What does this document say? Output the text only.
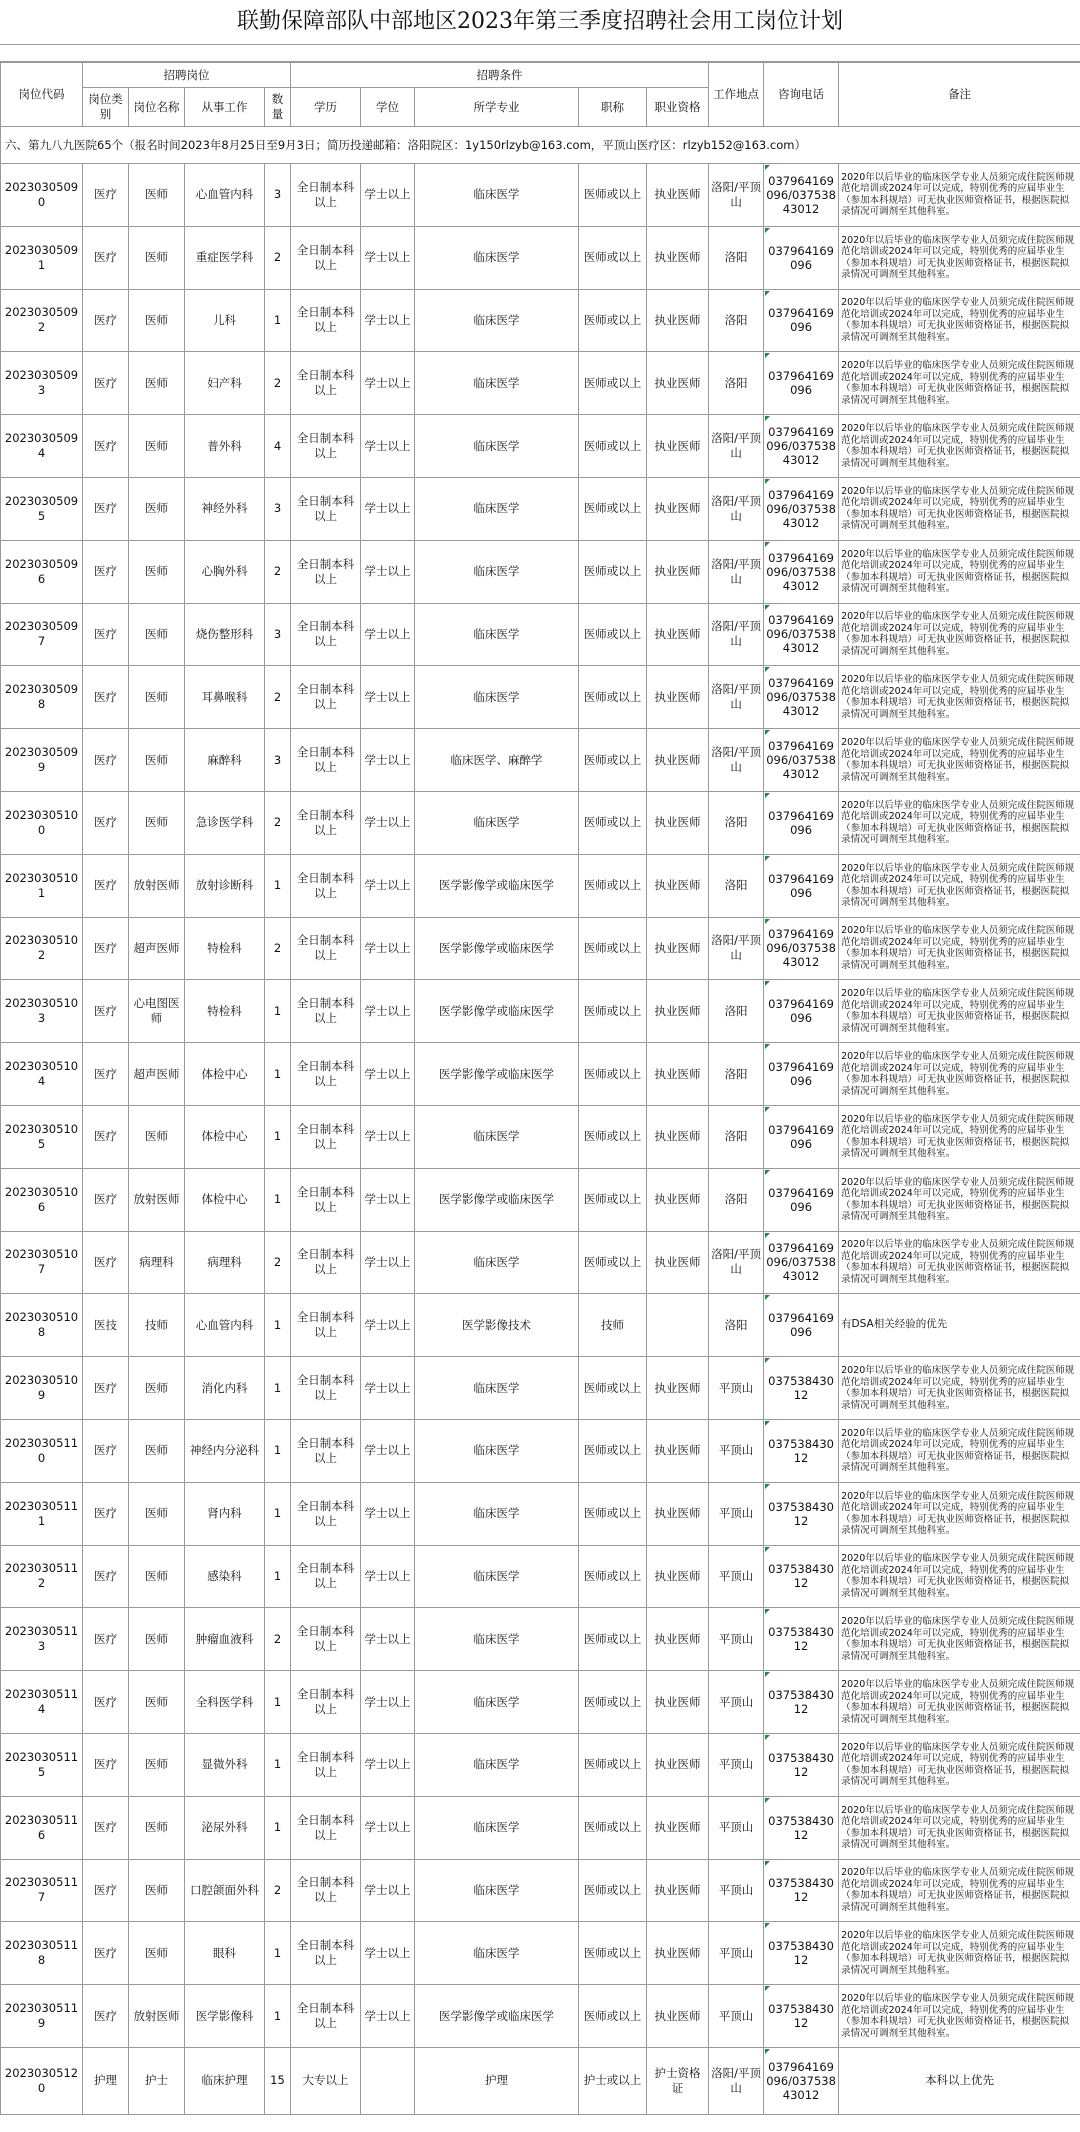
联勤保障部队中部地区2023年第三季度招聘社会用工岗位计划
岗位代码	招聘岗位				招聘条件					工作地点	咨询电话	备注
	岗位类别	岗位名称	从事工作	数量	学历	学位	所学专业	职称	职业资格			
六、第九八九医院65个（报名时间2023年8月25日至9月3日；简历投递邮箱：洛阳院区：1y150rlzyb@163.com，平顶山医疗区：rlzyb152@163.com）												
20230305090	医疗	医师	心血管内科	3	全日制本科以上	学士以上	临床医学	医师或以上	执业医师	洛阳/平顶山	037964169096/03753843012	2020年以后毕业的临床医学专业人员须完成住院医师规范化培训或2024年可以完成，特别优秀的应届毕业生（参加本科规培）可无执业医师资格证书，根据医院拟录情况可调剂至其他科室。
20230305091	医疗	医师	重症医学科	2	全日制本科以上	学士以上	临床医学	医师或以上	执业医师	洛阳	037964169096	2020年以后毕业的临床医学专业人员须完成住院医师规范化培训或2024年可以完成，特别优秀的应届毕业生（参加本科规培）可无执业医师资格证书，根据医院拟录情况可调剂至其他科室。
20230305092	医疗	医师	儿科	1	全日制本科以上	学士以上	临床医学	医师或以上	执业医师	洛阳	037964169096	2020年以后毕业的临床医学专业人员须完成住院医师规范化培训或2024年可以完成，特别优秀的应届毕业生（参加本科规培）可无执业医师资格证书，根据医院拟录情况可调剂至其他科室。
20230305093	医疗	医师	妇产科	2	全日制本科以上	学士以上	临床医学	医师或以上	执业医师	洛阳	037964169096	2020年以后毕业的临床医学专业人员须完成住院医师规范化培训或2024年可以完成，特别优秀的应届毕业生（参加本科规培）可无执业医师资格证书，根据医院拟录情况可调剂至其他科室。
20230305094	医疗	医师	普外科	4	全日制本科以上	学士以上	临床医学	医师或以上	执业医师	洛阳/平顶山	037964169096/03753843012	2020年以后毕业的临床医学专业人员须完成住院医师规范化培训或2024年可以完成，特别优秀的应届毕业生（参加本科规培）可无执业医师资格证书，根据医院拟录情况可调剂至其他科室。
20230305095	医疗	医师	神经外科	3	全日制本科以上	学士以上	临床医学	医师或以上	执业医师	洛阳/平顶山	037964169096/03753843012	2020年以后毕业的临床医学专业人员须完成住院医师规范化培训或2024年可以完成，特别优秀的应届毕业生（参加本科规培）可无执业医师资格证书，根据医院拟录情况可调剂至其他科室。
20230305096	医疗	医师	心胸外科	2	全日制本科以上	学士以上	临床医学	医师或以上	执业医师	洛阳/平顶山	037964169096/03753843012	2020年以后毕业的临床医学专业人员须完成住院医师规范化培训或2024年可以完成，特别优秀的应届毕业生（参加本科规培）可无执业医师资格证书，根据医院拟录情况可调剂至其他科室。
20230305097	医疗	医师	烧伤整形科	3	全日制本科以上	学士以上	临床医学	医师或以上	执业医师	洛阳/平顶山	037964169096/03753843012	2020年以后毕业的临床医学专业人员须完成住院医师规范化培训或2024年可以完成，特别优秀的应届毕业生（参加本科规培）可无执业医师资格证书，根据医院拟录情况可调剂至其他科室。
20230305098	医疗	医师	耳鼻喉科	2	全日制本科以上	学士以上	临床医学	医师或以上	执业医师	洛阳/平顶山	037964169096/03753843012	2020年以后毕业的临床医学专业人员须完成住院医师规范化培训或2024年可以完成，特别优秀的应届毕业生（参加本科规培）可无执业医师资格证书，根据医院拟录情况可调剂至其他科室。
20230305099	医疗	医师	麻醉科	3	全日制本科以上	学士以上	临床医学、麻醉学	医师或以上	执业医师	洛阳/平顶山	037964169096/03753843012	2020年以后毕业的临床医学专业人员须完成住院医师规范化培训或2024年可以完成，特别优秀的应届毕业生（参加本科规培）可无执业医师资格证书，根据医院拟录情况可调剂至其他科室。
20230305100	医疗	医师	急诊医学科	2	全日制本科以上	学士以上	临床医学	医师或以上	执业医师	洛阳	037964169096	2020年以后毕业的临床医学专业人员须完成住院医师规范化培训或2024年可以完成，特别优秀的应届毕业生（参加本科规培）可无执业医师资格证书，根据医院拟录情况可调剂至其他科室。
20230305101	医疗	放射医师	放射诊断科	1	全日制本科以上	学士以上	医学影像学或临床医学	医师或以上	执业医师	洛阳	037964169096	2020年以后毕业的临床医学专业人员须完成住院医师规范化培训或2024年可以完成，特别优秀的应届毕业生（参加本科规培）可无执业医师资格证书，根据医院拟录情况可调剂至其他科室。
20230305102	医疗	超声医师	特检科	2	全日制本科以上	学士以上	医学影像学或临床医学	医师或以上	执业医师	洛阳/平顶山	037964169096/03753843012	2020年以后毕业的临床医学专业人员须完成住院医师规范化培训或2024年可以完成，特别优秀的应届毕业生（参加本科规培）可无执业医师资格证书，根据医院拟录情况可调剂至其他科室。
20230305103	医疗	心电图医师	特检科	1	全日制本科以上	学士以上	医学影像学或临床医学	医师或以上	执业医师	洛阳	037964169096	2020年以后毕业的临床医学专业人员须完成住院医师规范化培训或2024年可以完成，特别优秀的应届毕业生（参加本科规培）可无执业医师资格证书，根据医院拟录情况可调剂至其他科室。
20230305104	医疗	超声医师	体检中心	1	全日制本科以上	学士以上	医学影像学或临床医学	医师或以上	执业医师	洛阳	037964169096	2020年以后毕业的临床医学专业人员须完成住院医师规范化培训或2024年可以完成，特别优秀的应届毕业生（参加本科规培）可无执业医师资格证书，根据医院拟录情况可调剂至其他科室。
20230305105	医疗	医师	体检中心	1	全日制本科以上	学士以上	临床医学	医师或以上	执业医师	洛阳	037964169096	2020年以后毕业的临床医学专业人员须完成住院医师规范化培训或2024年可以完成，特别优秀的应届毕业生（参加本科规培）可无执业医师资格证书，根据医院拟录情况可调剂至其他科室。
20230305106	医疗	放射医师	体检中心	1	全日制本科以上	学士以上	医学影像学或临床医学	医师或以上	执业医师	洛阳	037964169096	2020年以后毕业的临床医学专业人员须完成住院医师规范化培训或2024年可以完成，特别优秀的应届毕业生（参加本科规培）可无执业医师资格证书，根据医院拟录情况可调剂至其他科室。
20230305107	医疗	病理科	病理科	2	全日制本科以上	学士以上	临床医学	医师或以上	执业医师	洛阳/平顶山	037964169096/03753843012	2020年以后毕业的临床医学专业人员须完成住院医师规范化培训或2024年可以完成，特别优秀的应届毕业生（参加本科规培）可无执业医师资格证书，根据医院拟录情况可调剂至其他科室。
20230305108	医技	技师	心血管内科	1	全日制本科以上	学士以上	医学影像技术	技师		洛阳	037964169096	有DSA相关经验的优先
20230305109	医疗	医师	消化内科	1	全日制本科以上	学士以上	临床医学	医师或以上	执业医师	平顶山	03753843012	2020年以后毕业的临床医学专业人员须完成住院医师规范化培训或2024年可以完成，特别优秀的应届毕业生（参加本科规培）可无执业医师资格证书，根据医院拟录情况可调剂至其他科室。
20230305110	医疗	医师	神经内分泌科	1	全日制本科以上	学士以上	临床医学	医师或以上	执业医师	平顶山	03753843012	2020年以后毕业的临床医学专业人员须完成住院医师规范化培训或2024年可以完成，特别优秀的应届毕业生（参加本科规培）可无执业医师资格证书，根据医院拟录情况可调剂至其他科室。
20230305111	医疗	医师	肾内科	1	全日制本科以上	学士以上	临床医学	医师或以上	执业医师	平顶山	03753843012	2020年以后毕业的临床医学专业人员须完成住院医师规范化培训或2024年可以完成，特别优秀的应届毕业生（参加本科规培）可无执业医师资格证书，根据医院拟录情况可调剂至其他科室。
20230305112	医疗	医师	感染科	1	全日制本科以上	学士以上	临床医学	医师或以上	执业医师	平顶山	03753843012	2020年以后毕业的临床医学专业人员须完成住院医师规范化培训或2024年可以完成，特别优秀的应届毕业生（参加本科规培）可无执业医师资格证书，根据医院拟录情况可调剂至其他科室。
20230305113	医疗	医师	肿瘤血液科	2	全日制本科以上	学士以上	临床医学	医师或以上	执业医师	平顶山	03753843012	2020年以后毕业的临床医学专业人员须完成住院医师规范化培训或2024年可以完成，特别优秀的应届毕业生（参加本科规培）可无执业医师资格证书，根据医院拟录情况可调剂至其他科室。
20230305114	医疗	医师	全科医学科	1	全日制本科以上	学士以上	临床医学	医师或以上	执业医师	平顶山	03753843012	2020年以后毕业的临床医学专业人员须完成住院医师规范化培训或2024年可以完成，特别优秀的应届毕业生（参加本科规培）可无执业医师资格证书，根据医院拟录情况可调剂至其他科室。
20230305115	医疗	医师	显微外科	1	全日制本科以上	学士以上	临床医学	医师或以上	执业医师	平顶山	03753843012	2020年以后毕业的临床医学专业人员须完成住院医师规范化培训或2024年可以完成，特别优秀的应届毕业生（参加本科规培）可无执业医师资格证书，根据医院拟录情况可调剂至其他科室。
20230305116	医疗	医师	泌尿外科	1	全日制本科以上	学士以上	临床医学	医师或以上	执业医师	平顶山	03753843012	2020年以后毕业的临床医学专业人员须完成住院医师规范化培训或2024年可以完成，特别优秀的应届毕业生（参加本科规培）可无执业医师资格证书，根据医院拟录情况可调剂至其他科室。
20230305117	医疗	医师	口腔颌面外科	2	全日制本科以上	学士以上	临床医学	医师或以上	执业医师	平顶山	03753843012	2020年以后毕业的临床医学专业人员须完成住院医师规范化培训或2024年可以完成，特别优秀的应届毕业生（参加本科规培）可无执业医师资格证书，根据医院拟录情况可调剂至其他科室。
20230305118	医疗	医师	眼科	1	全日制本科以上	学士以上	临床医学	医师或以上	执业医师	平顶山	03753843012	2020年以后毕业的临床医学专业人员须完成住院医师规范化培训或2024年可以完成，特别优秀的应届毕业生（参加本科规培）可无执业医师资格证书，根据医院拟录情况可调剂至其他科室。
20230305119	医疗	放射医师	医学影像科	1	全日制本科以上	学士以上	医学影像学或临床医学	医师或以上	执业医师	平顶山	03753843012	2020年以后毕业的临床医学专业人员须完成住院医师规范化培训或2024年可以完成，特别优秀的应届毕业生（参加本科规培）可无执业医师资格证书，根据医院拟录情况可调剂至其他科室。
20230305120	护理	护士	临床护理	15	大专以上		护理	护士或以上	护士资格证	洛阳/平顶山	037964169096/03753843012	本科以上优先
